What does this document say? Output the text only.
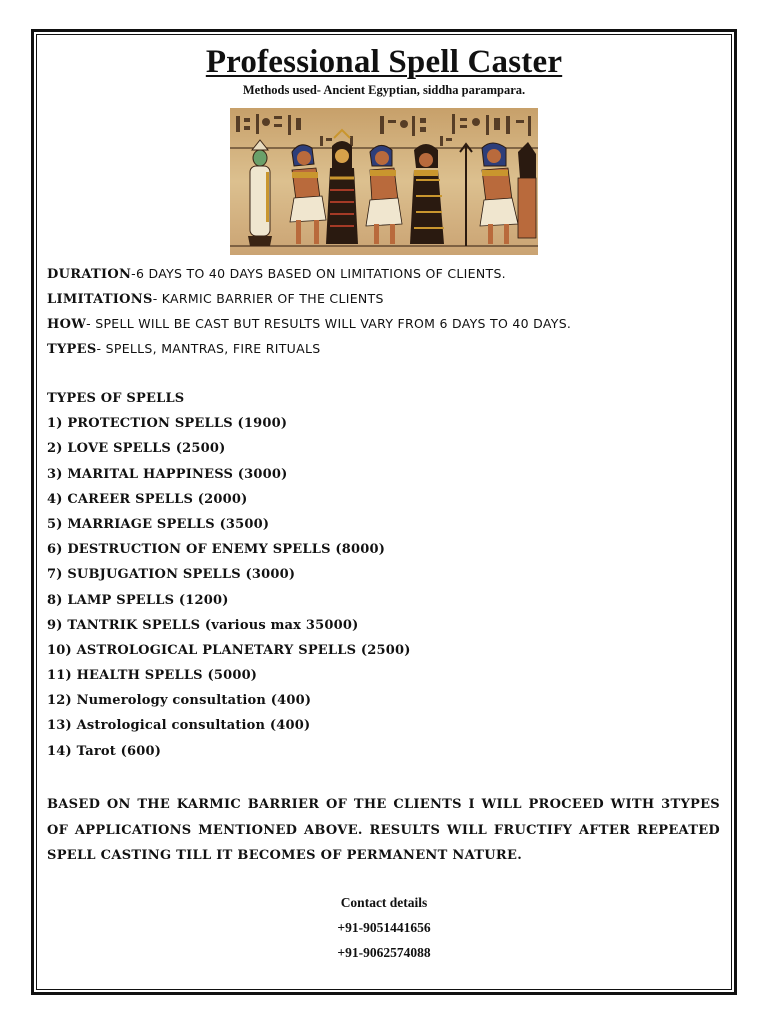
Professional Spell Caster
Methods used- Ancient Egyptian, siddha parampara.
DURATION-6 DAYS TO 40 DAYS BASED ON LIMITATIONS OF CLIENTS.
LIMITATIONS- KARMIC BARRIER OF THE CLIENTS
HOW- SPELL WILL BE CAST BUT RESULTS WILL VARY FROM 6 DAYS TO 40 DAYS.
TYPES- SPELLS, MANTRAS, FIRE RITUALS
TYPES OF SPELLS
1) PROTECTION SPELLS (1900)
2) LOVE SPELLS (2500)
3) MARITAL HAPPINESS (3000)
4) CAREER SPELLS (2000)
5) MARRIAGE SPELLS (3500)
6) DESTRUCTION OF ENEMY SPELLS (8000)
7) SUBJUGATION SPELLS (3000)
8) LAMP SPELLS (1200)
9) TANTRIK SPELLS (various max 35000)
10) ASTROLOGICAL PLANETARY SPELLS (2500)
11) HEALTH SPELLS (5000)
12) Numerology consultation (400)
13) Astrological consultation (400)
14) Tarot (600)
BASED ON THE KARMIC BARRIER OF THE CLIENTS I WILL PROCEED WITH 3TYPES OF APPLICATIONS MENTIONED ABOVE. RESULTS WILL FRUCTIFY AFTER REPEATED SPELL CASTING TILL IT BECOMES OF PERMANENT NATURE.
Contact details
+91-9051441656
+91-9062574088
